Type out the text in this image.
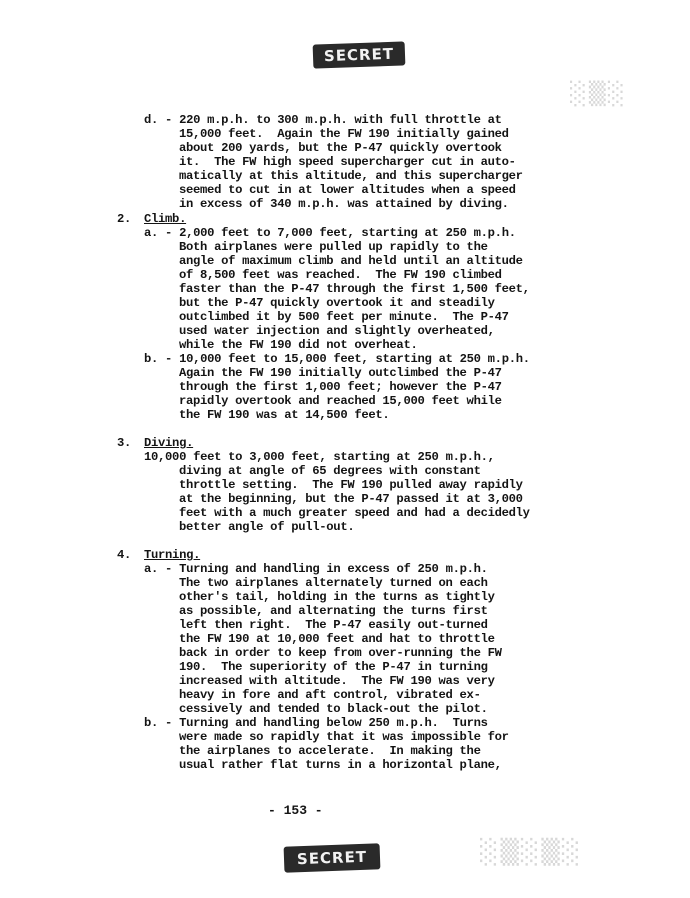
SECRET
░▒░
d. - 220 m.p.h. to 300 m.p.h. with full throttle at
15,000 feet.  Again the FW 190 initially gained
about 200 yards, but the P-47 quickly overtook
it.  The FW high speed supercharger cut in auto-
matically at this altitude, and this supercharger
seemed to cut in at lower altitudes when a speed
in excess of 340 m.p.h. was attained by diving.
2. Climb.
a. - 2,000 feet to 7,000 feet, starting at 250 m.p.h.
Both airplanes were pulled up rapidly to the
angle of maximum climb and held until an altitude
of 8,500 feet was reached.  The FW 190 climbed
faster than the P-47 through the first 1,500 feet,
but the P-47 quickly overtook it and steadily
outclimbed it by 500 feet per minute.  The P-47
used water injection and slightly overheated,
while the FW 190 did not overheat.
b. - 10,000 feet to 15,000 feet, starting at 250 m.p.h.
Again the FW 190 initially outclimbed the P-47
through the first 1,000 feet; however the P-47
rapidly overtook and reached 15,000 feet while
the FW 190 was at 14,500 feet.
3. Diving.
10,000 feet to 3,000 feet, starting at 250 m.p.h.,
diving at angle of 65 degrees with constant
throttle setting.  The FW 190 pulled away rapidly
at the beginning, but the P-47 passed it at 3,000
feet with a much greater speed and had a decidedly
better angle of pull-out.
4. Turning.
a. - Turning and handling in excess of 250 m.p.h.
The two airplanes alternately turned on each
other's tail, holding in the turns as tightly
as possible, and alternating the turns first
left then right.  The P-47 easily out-turned
the FW 190 at 10,000 feet and hat to throttle
back in order to keep from over-running the FW
190.  The superiority of the P-47 in turning
increased with altitude.  The FW 190 was very
heavy in fore and aft control, vibrated ex-
cessively and tended to black-out the pilot.
b. - Turning and handling below 250 m.p.h.  Turns
were made so rapidly that it was impossible for
the airplanes to accelerate.  In making the
usual rather flat turns in a horizontal plane,
- 153 -
SECRET	░▒░▒░
